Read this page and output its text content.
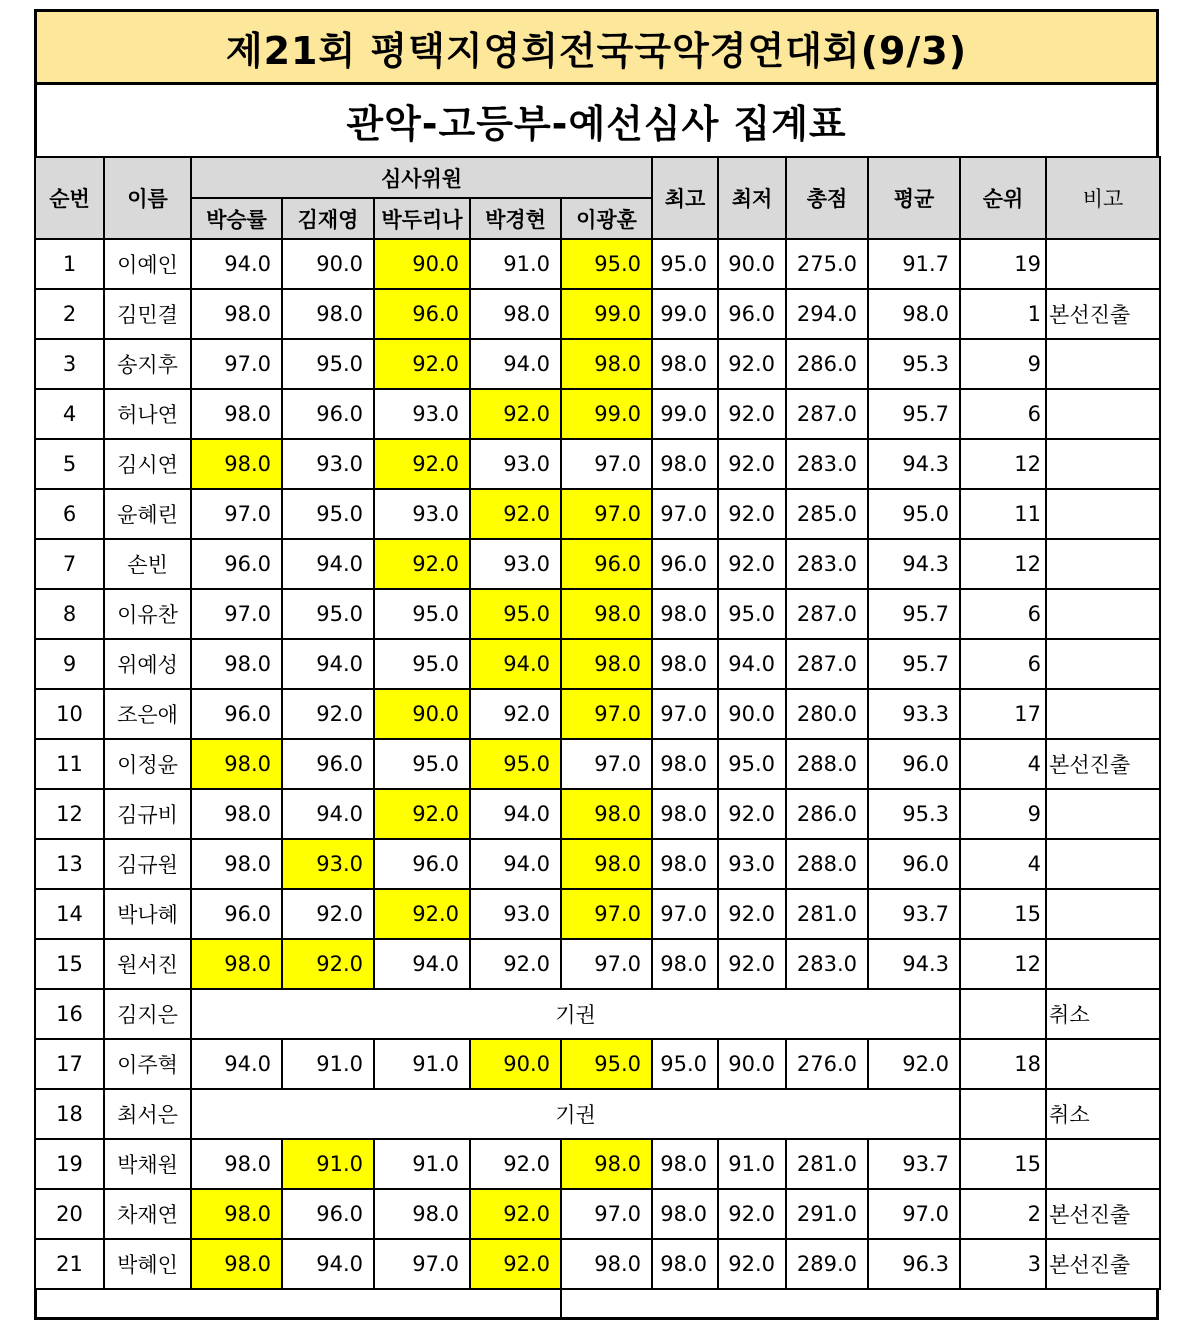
제21회 평택지영희전국국악경연대회(9/3)
관악-고등부-예선심사 집계표
순번	이름	심사위원					최고	최저	총점	평균	순위	비고
		박승률	김재영	박두리나	박경현	이광훈						
1	이예인	94.0	90.0	90.0	91.0	95.0	95.0	90.0	275.0	91.7	19	
2	김민결	98.0	98.0	96.0	98.0	99.0	99.0	96.0	294.0	98.0	1	본선진출
3	송지후	97.0	95.0	92.0	94.0	98.0	98.0	92.0	286.0	95.3	9	
4	허나연	98.0	96.0	93.0	92.0	99.0	99.0	92.0	287.0	95.7	6	
5	김시연	98.0	93.0	92.0	93.0	97.0	98.0	92.0	283.0	94.3	12	
6	윤혜린	97.0	95.0	93.0	92.0	97.0	97.0	92.0	285.0	95.0	11	
7	손빈	96.0	94.0	92.0	93.0	96.0	96.0	92.0	283.0	94.3	12	
8	이유찬	97.0	95.0	95.0	95.0	98.0	98.0	95.0	287.0	95.7	6	
9	위예성	98.0	94.0	95.0	94.0	98.0	98.0	94.0	287.0	95.7	6	
10	조은애	96.0	92.0	90.0	92.0	97.0	97.0	90.0	280.0	93.3	17	
11	이정윤	98.0	96.0	95.0	95.0	97.0	98.0	95.0	288.0	96.0	4	본선진출
12	김규비	98.0	94.0	92.0	94.0	98.0	98.0	92.0	286.0	95.3	9	
13	김규원	98.0	93.0	96.0	94.0	98.0	98.0	93.0	288.0	96.0	4	
14	박나혜	96.0	92.0	92.0	93.0	97.0	97.0	92.0	281.0	93.7	15	
15	원서진	98.0	92.0	94.0	92.0	97.0	98.0	92.0	283.0	94.3	12	
16	김지은	기권										취소
17	이주혁	94.0	91.0	91.0	90.0	95.0	95.0	90.0	276.0	92.0	18	
18	최서은	기권										취소
19	박채원	98.0	91.0	91.0	92.0	98.0	98.0	91.0	281.0	93.7	15	
20	차재연	98.0	96.0	98.0	92.0	97.0	98.0	92.0	291.0	97.0	2	본선진출
21	박혜인	98.0	94.0	97.0	92.0	98.0	98.0	92.0	289.0	96.3	3	본선진출
